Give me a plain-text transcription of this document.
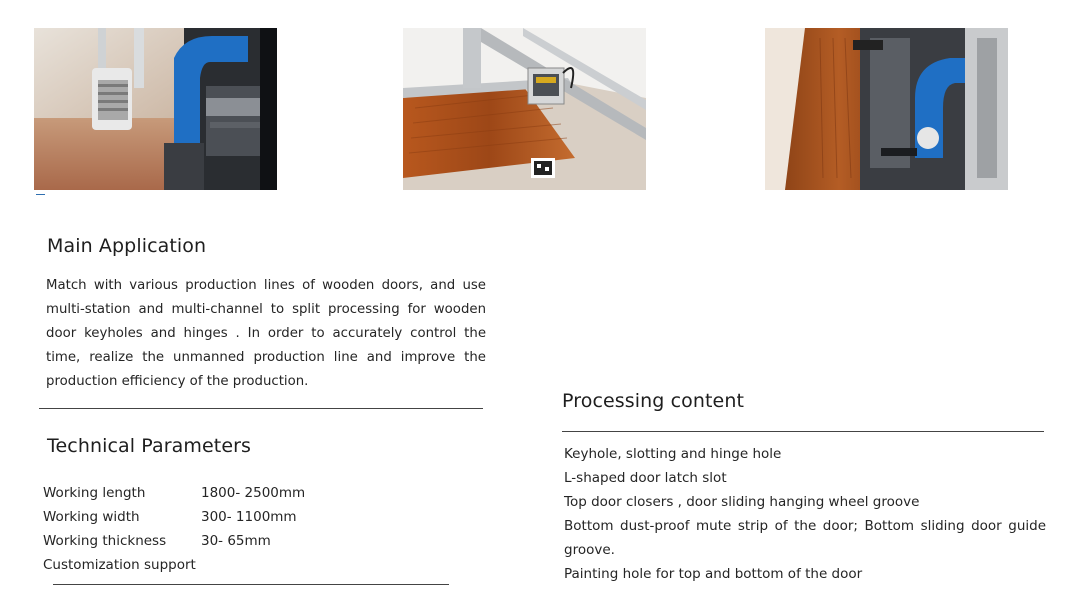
Main Application

Match with various production lines of wooden doors, and use multi-station and multi-channel to split processing for wooden door keyholes and hinges . In order to accurately control the time, realize the unmanned production line and improve the production efficiency of the production.

Technical Parameters
Working length	1800- 2500mm
Working width	300- 1100mm
Working thickness	30- 65mm
Customization support
Processing content
Keyhole, slotting and hinge hole
L-shaped door latch slot
Top door closers , door sliding hanging wheel groove
Bottom dust-proof mute strip of the door; Bottom sliding door guide groove.
Painting hole for top and bottom of the door
